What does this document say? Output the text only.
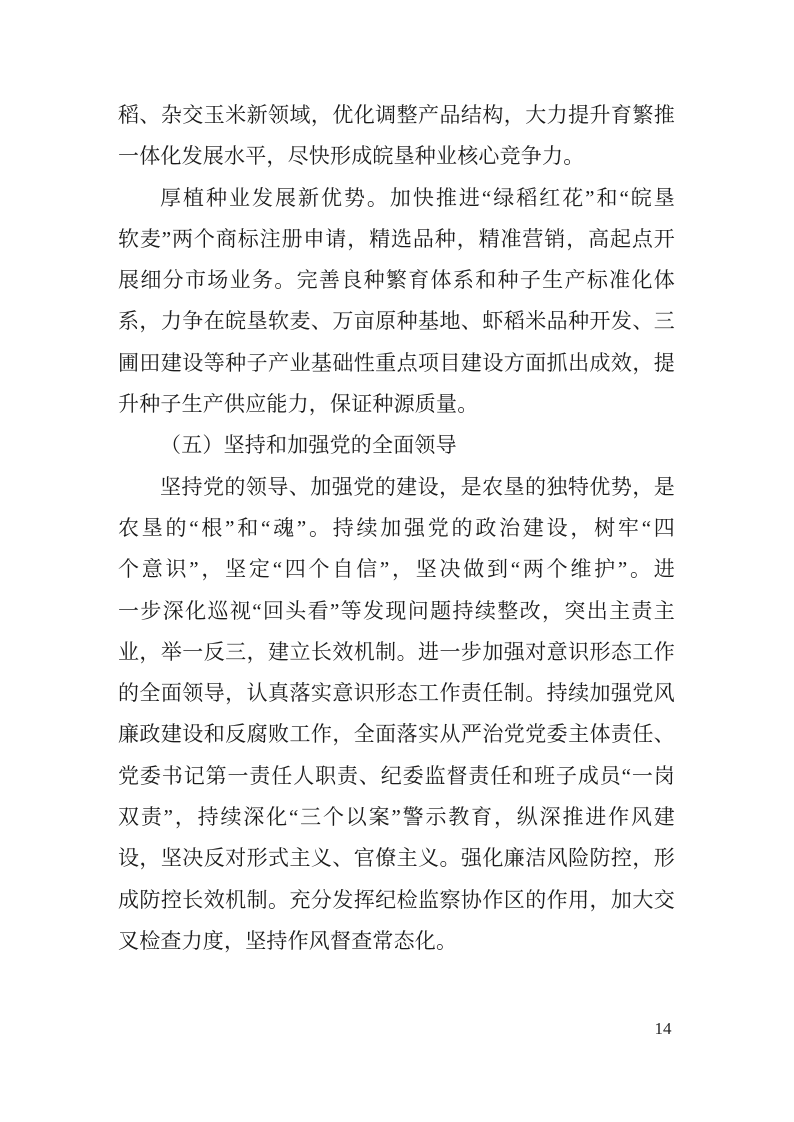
稻、杂交玉米新领域，优化调整产品结构，大力提升育繁推
一体化发展水平，尽快形成皖垦种业核心竞争力。
厚植种业发展新优势。加快推进“绿稻红花”和“皖垦
软麦”两个商标注册申请，精选品种，精准营销，高起点开
展细分市场业务。完善良种繁育体系和种子生产标准化体
系，力争在皖垦软麦、万亩原种基地、虾稻米品种开发、三
圃田建设等种子产业基础性重点项目建设方面抓出成效，提
升种子生产供应能力，保证种源质量。
（五）坚持和加强党的全面领导
坚持党的领导、加强党的建设，是农垦的独特优势，是
农垦的“根”和“魂”。持续加强党的政治建设，树牢“四
个意识”，坚定“四个自信”，坚决做到“两个维护”。进
一步深化巡视“回头看”等发现问题持续整改，突出主责主
业，举一反三，建立长效机制。进一步加强对意识形态工作
的全面领导，认真落实意识形态工作责任制。持续加强党风
廉政建设和反腐败工作，全面落实从严治党党委主体责任、
党委书记第一责任人职责、纪委监督责任和班子成员“一岗
双责”，持续深化“三个以案”警示教育，纵深推进作风建
设，坚决反对形式主义、官僚主义。强化廉洁风险防控，形
成防控长效机制。充分发挥纪检监察协作区的作用，加大交
叉检查力度，坚持作风督查常态化。
14
